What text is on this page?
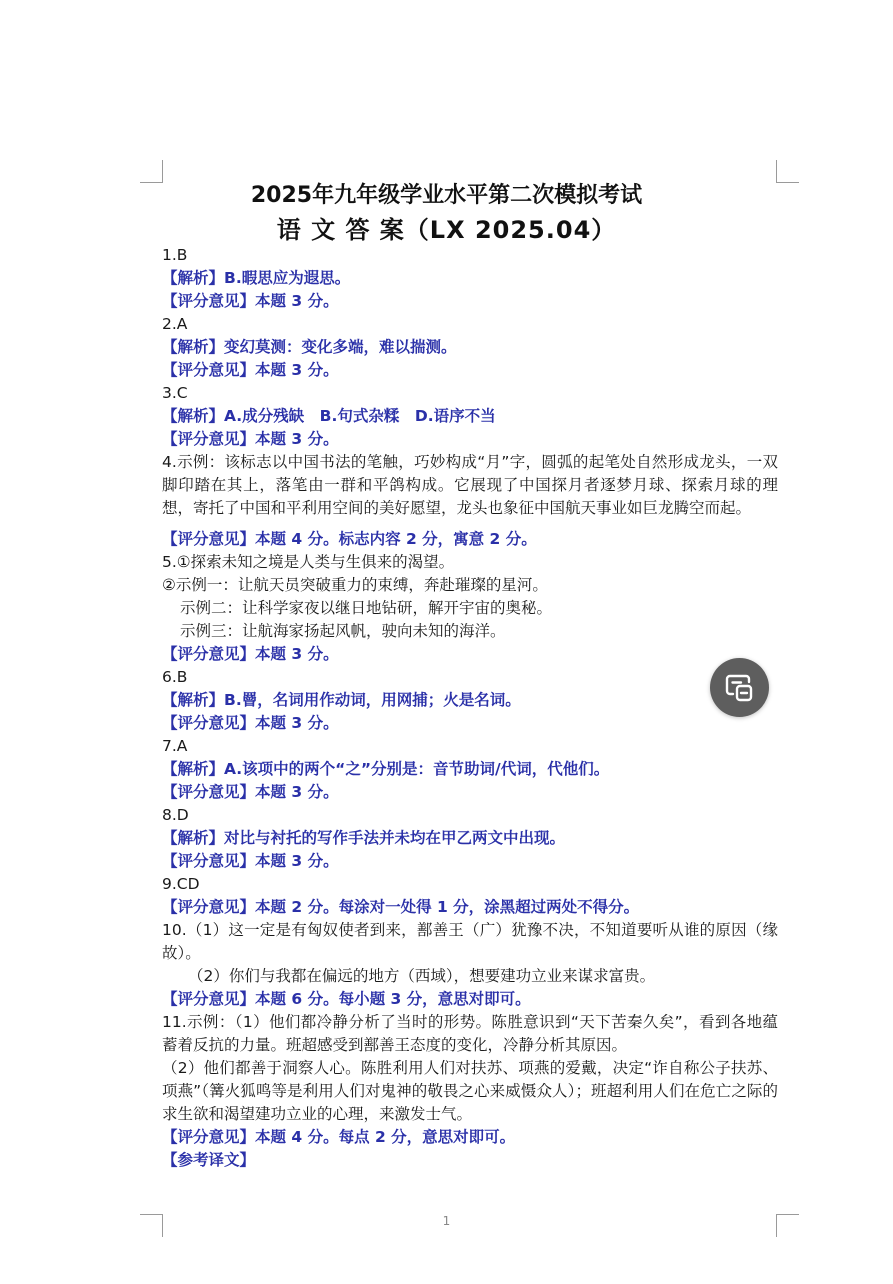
2025年九年级学业水平第二次模拟考试
语 文 答 案（LX 2025.04）
1.B
【解析】B.暇思应为遐思。
【评分意见】本题 3 分。
2.A
【解析】变幻莫测：变化多端，难以揣测。
【评分意见】本题 3 分。
3.C
【解析】A.成分残缺　B.句式杂糅　D.语序不当
【评分意见】本题 3 分。
4.示例：该标志以中国书法的笔触，巧妙构成“月”字，圆弧的起笔处自然形成龙头，一双脚印踏在其上，落笔由一群和平鸽构成。它展现了中国探月者逐梦月球、探索月球的理想，寄托了中国和平利用空间的美好愿望，龙头也象征中国航天事业如巨龙腾空而起。
【评分意见】本题 4 分。标志内容 2 分，寓意 2 分。
5.①探索未知之境是人类与生俱来的渴望。
②示例一：让航天员突破重力的束缚，奔赴璀璨的星河。
示例二：让科学家夜以继日地钻研，解开宇宙的奥秘。
示例三：让航海家扬起风帆，驶向未知的海洋。
【评分意见】本题 3 分。
6.B
【解析】B.罾，名词用作动词，用网捕；火是名词。
【评分意见】本题 3 分。
7.A
【解析】A.该项中的两个“之”分别是：音节助词/代词，代他们。
【评分意见】本题 3 分。
8.D
【解析】对比与衬托的写作手法并未均在甲乙两文中出现。
【评分意见】本题 3 分。
9.CD
【评分意见】本题 2 分。每涂对一处得 1 分，涂黑超过两处不得分。
10.（1）这一定是有匈奴使者到来，鄯善王（广）犹豫不决，不知道要听从谁的原因（缘故）。
（2）你们与我都在偏远的地方（西域），想要建功立业来谋求富贵。
【评分意见】本题 6 分。每小题 3 分，意思对即可。
11.示例：（1）他们都冷静分析了当时的形势。陈胜意识到“天下苦秦久矣”，看到各地蕴蓄着反抗的力量。班超感受到鄯善王态度的变化，冷静分析其原因。
（2）他们都善于洞察人心。陈胜利用人们对扶苏、项燕的爱戴，决定“诈自称公子扶苏、项燕”（篝火狐鸣等是利用人们对鬼神的敬畏之心来威慑众人）；班超利用人们在危亡之际的求生欲和渴望建功立业的心理，来激发士气。
【评分意见】本题 4 分。每点 2 分，意思对即可。
【参考译文】
1
